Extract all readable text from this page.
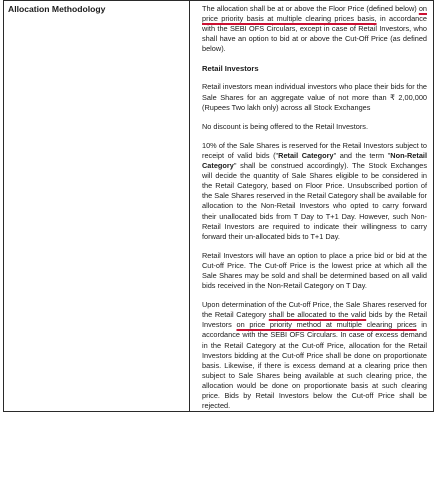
Allocation Methodology	The allocation shall be at or above the Floor Price (defined below) on price priority basis at multiple clearing prices basis, in accordance with the SEBI OFS Circulars, except in case of Retail Investors, who shall have an option to bid at or above the Cut-Off Price (as defined below).

Retail Investors

Retail investors mean individual investors who place their bids for the Sale Shares for an aggregate value of not more than ₹ 2,00,000 (Rupees Two lakh only) across all Stock Exchanges

No discount is being offered to the Retail Investors.

10% of the Sale Shares is reserved for the Retail Investors subject to receipt of valid bids ("Retail Category" and the term "Non-Retail Category" shall be construed accordingly). The Stock Exchanges will decide the quantity of Sale Shares eligible to be considered in the Retail Category, based on Floor Price. Unsubscribed portion of the Sale Shares reserved in the Retail Category shall be available for allocation to the Non-Retail Investors who opted to carry forward their unallocated bids from T Day to T+1 Day. However, such Non-Retail Investors are required to indicate their willingness to carry forward their un-allocated bids to T+1 Day.

Retail Investors will have an option to place a price bid or bid at the Cut-off Price. The Cut-off Price is the lowest price at which all the Sale Shares may be sold and shall be determined based on all valid bids received in the Non-Retail Category on T Day.

Upon determination of the Cut-off Price, the Sale Shares reserved for the Retail Category shall be allocated to the valid bids by the Retail Investors on price priority method at multiple clearing prices in accordance with the SEBI OFS Circulars. In case of excess demand in the Retail Category at the Cut-off Price, allocation for the Retail Investors bidding at the Cut-off Price shall be done on proportionate basis. Likewise, if there is excess demand at a clearing price then subject to Sale Shares being available at such clearing price, the allocation would be done on proportionate basis at such clearing price. Bids by Retail Investors below the Cut-off Price shall be rejected.
